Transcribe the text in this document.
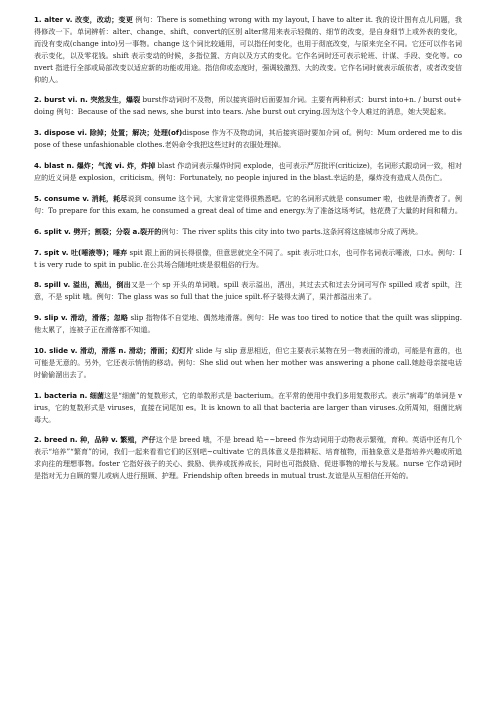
1. alter v. 改变，改动；变更 例句：There is something wrong with my layout, I have to alter it. 我的设计图有点儿问题，我得修改一下。单词辨析：alter、change、shift、convert的区别 alter常用来表示轻微的、细节的改变，是自身细节上或外表的变化，而没有变成(change into)另一事物。change 这个词比较通用，可以指任何变化，也用于彻底改变，与原来完全不同。它还可以作名词表示变化，以及零花钱。shift 表示变动的时候，多指位置、方向以及方式的变化。它作名词时还可表示轮班、计谋、手段、变化等。convert 指进行全部或局部改变以适应新的功能或用途。指信仰或态度时，强调较激烈、大的改变。它作名词时就表示皈依者，或者改变信仰的人。

2. burst vi. n. 突然发生，爆裂 burst作动词时不及物，所以接宾语时后面要加介词。主要有两种形式：burst into+n. / burst out+doing 例句：Because of the sad news, she burst into tears. /she burst out crying.因为这个令人难过的消息，她大哭起来。

3. dispose vi. 除掉；处置；解决；处理(of)dispose 作为不及物动词，其后接宾语时要加介词 of。例句：Mum ordered me to dispose of these unfashionable clothes.老妈命令我把这些过时的衣服处理掉。

4. blast n. 爆炸；气流 vi. 炸，炸掉 blast 作动词表示爆炸时同 explode，也可表示严厉批评(criticize)，名词形式跟动词一致，相对应的近义词是 explosion，criticism。例句：Fortunately, no people injured in the blast.幸运的是，爆炸没有造成人员伤亡。

5. consume v. 消耗，耗尽说到 consume 这个词，大家肯定觉得很熟悉吧。它的名词形式就是 consumer 啦，也就是消费者了。例句：To prepare for this exam, he consumed a great deal of time and energy.为了准备这场考试，他花费了大量的时间和精力。

6. split v. 劈开；割裂；分裂 a.裂开的例句：The river splits this city into two parts.这条河将这座城市分成了两块。

7. spit v. 吐(唾液等)；唾弃 spit 跟上面的词长得很像，但意思就完全不同了。spit 表示吐口水，也可作名词表示唾液，口水。例句：It is very rude to spit in public.在公共场合随地吐痰是很粗俗的行为。

8. spill v. 溢出，溅出，倒出又是一个 sp 开头的单词哦。spill 表示溢出，洒出，其过去式和过去分词可写作 spilled 或者 spilt，注意，不是 split 哦。例句：The glass was so full that the juice spilt.杯子装得太满了，果汁都溢出来了。

9. slip v. 滑动，滑落；忽略 slip 指物体不自觉地、偶然地滑落。例句：He was too tired to notice that the quilt was slipping.他太累了，连被子正在滑落都不知道。

10. slide v. 滑动，滑落 n. 滑动；滑面；幻灯片 slide 与 slip 意思相近，但它主要表示某物在另一物表面的滑动，可能是有意的，也可能是无意的。另外，它还表示悄悄的移动。例句：She slid out when her mother was answering a phone call.她趁母亲接电话时偷偷溜出去了。

1. bacteria n. 细菌这是“细菌”的复数形式，它的单数形式是 bacterium。在平常的使用中我们多用复数形式。表示“病毒”的单词是 virus，它的复数形式是 viruses，直接在词尾加 es。It is known to all that bacteria are larger than viruses.众所周知，细菌比病毒大。

2. breed n. 种，品种 v. 繁殖，产仔这个是 breed 哦，不是 bread 哈~~breed 作为动词用于动物表示繁殖，育种。英语中还有几个表示“培养”“繁育”的词，我们一起来看看它们的区别吧~cultivate 它的具体意义是指耕耘、培育植物，而抽象意义是指培养兴趣或所追求向往的理想事物。foster 它指好孩子的关心、鼓励、供养或抚养成长，同时也可指鼓励、促进事物的增长与发展。nurse 它作动词时是指对无力自顾的婴儿或病人进行照顾、护理。Friendship often breeds in mutual trust.友谊是从互相信任开始的。
